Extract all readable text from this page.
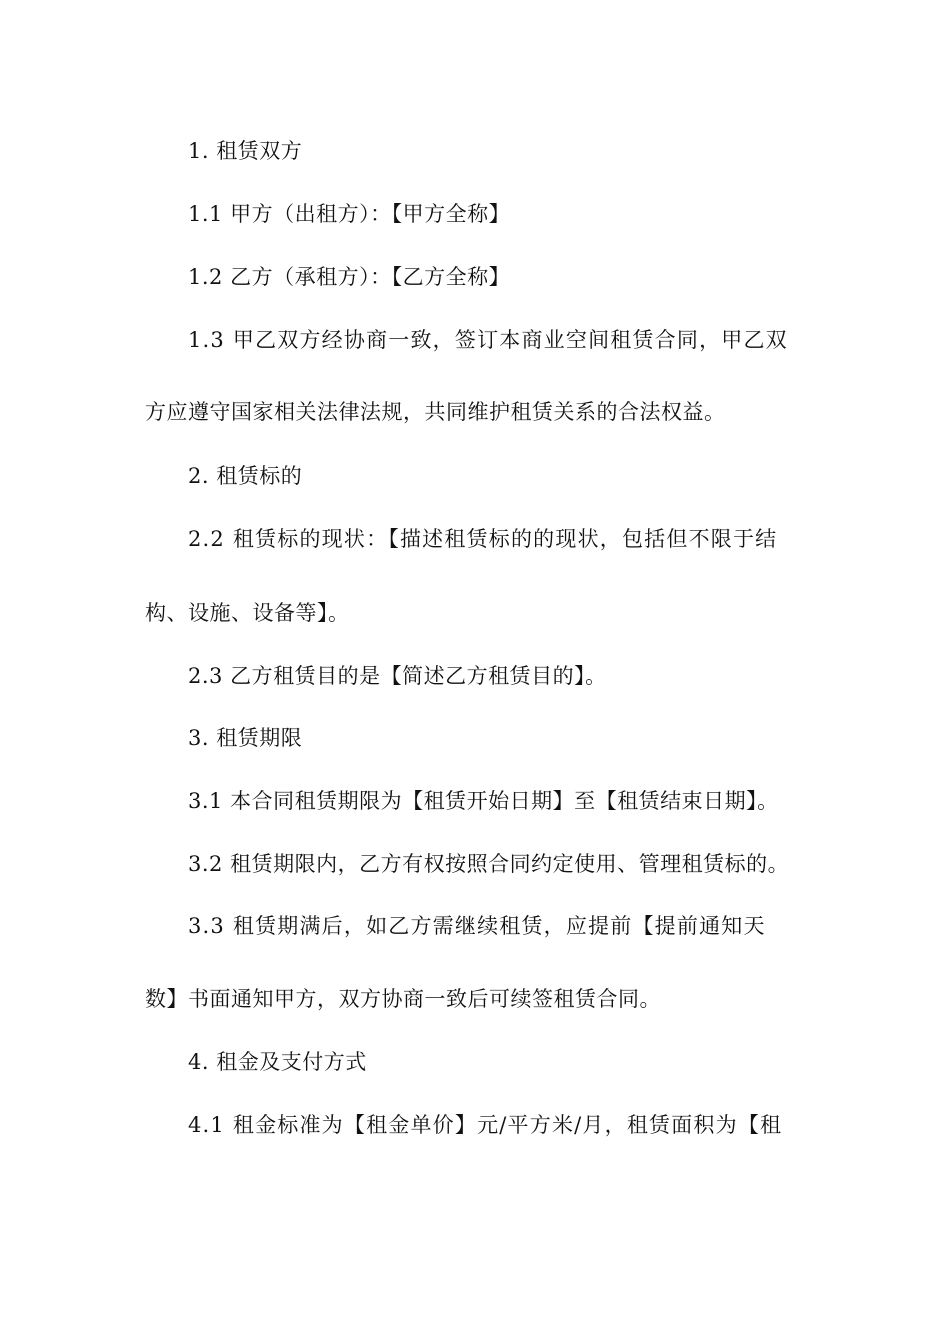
1. 租赁双方
1.1 甲方（出租方）：【甲方全称】
1.2 乙方（承租方）：【乙方全称】
1.3 甲乙双方经协商一致，签订本商业空间租赁合同，甲乙双
方应遵守国家相关法律法规，共同维护租赁关系的合法权益。
2. 租赁标的
2.2 租赁标的现状：【描述租赁标的的现状，包括但不限于结
构、设施、设备等】。
2.3 乙方租赁目的是【简述乙方租赁目的】。
3. 租赁期限
3.1 本合同租赁期限为【租赁开始日期】至【租赁结束日期】。
3.2 租赁期限内，乙方有权按照合同约定使用、管理租赁标的。
3.3 租赁期满后，如乙方需继续租赁，应提前【提前通知天
数】书面通知甲方，双方协商一致后可续签租赁合同。
4. 租金及支付方式
4.1 租金标准为【租金单价】元/平方米/月，租赁面积为【租
